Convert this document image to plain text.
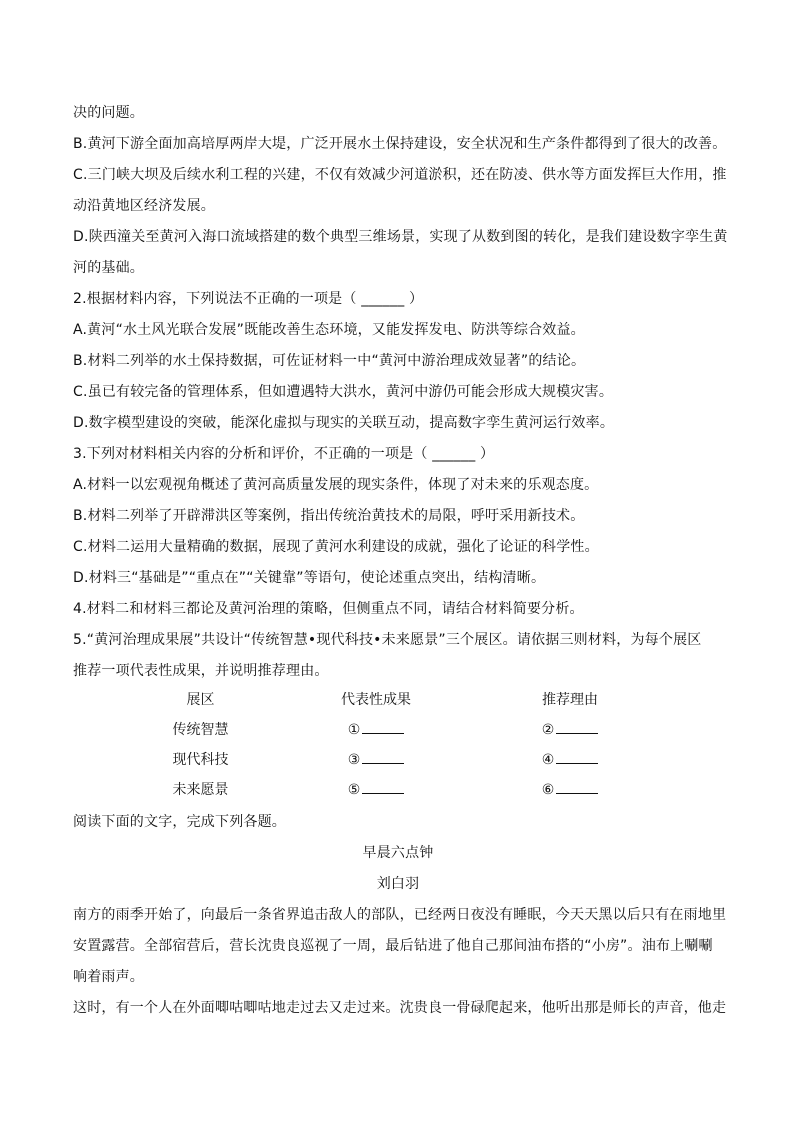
决的问题。
B.黄河下游全面加高培厚两岸大堤，广泛开展水土保持建设，安全状况和生产条件都得到了很大的改善。
C.三门峡大坝及后续水利工程的兴建，不仅有效减少河道淤积，还在防凌、供水等方面发挥巨大作用，推
动沿黄地区经济发展。
D.陕西潼关至黄河入海口流域搭建的数个典型三维场景，实现了从数到图的转化，是我们建设数字孪生黄
河的基础。
2.根据材料内容，下列说法不正确的一项是（ ______ ）
A.黄河“水土风光联合发展”既能改善生态环境，又能发挥发电、防洪等综合效益。
B.材料二列举的水土保持数据，可佐证材料一中“黄河中游治理成效显著”的结论。
C.虽已有较完备的管理体系，但如遭遇特大洪水，黄河中游仍可能会形成大规模灾害。
D.数字模型建设的突破，能深化虚拟与现实的关联互动，提高数字孪生黄河运行效率。
3.下列对材料相关内容的分析和评价，不正确的一项是（ ______ ）
A.材料一以宏观视角概述了黄河高质量发展的现实条件，体现了对未来的乐观态度。
B.材料二列举了开辟滞洪区等案例，指出传统治黄技术的局限，呼吁采用新技术。
C.材料二运用大量精确的数据，展现了黄河水利建设的成就，强化了论证的科学性。
D.材料三“基础是”“重点在”“关键靠”等语句，使论述重点突出，结构清晰。
4.材料二和材料三都论及黄河治理的策略，但侧重点不同，请结合材料简要分析。
5.“黄河治理成果展”共设计“传统智慧•现代科技•未来愿景”三个展区。请依据三则材料，为每个展区
推荐一项代表性成果，并说明推荐理由。
展区	代表性成果	推荐理由
传统智慧	①	②
现代科技	③	④
未来愿景	⑤	⑥
阅读下面的文字，完成下列各题。
早晨六点钟
刘白羽
南方的雨季开始了，向最后一条省界追击敌人的部队，已经两日夜没有睡眠，今天天黑以后只有在雨地里
安置露营。全部宿营后，营长沈贵良巡视了一周，最后钻进了他自己那间油布搭的“小房”。油布上唰唰
响着雨声。
这时，有一个人在外面唧咕唧咕地走过去又走过来。沈贵良一骨碌爬起来，他听出那是师长的声音，他走
